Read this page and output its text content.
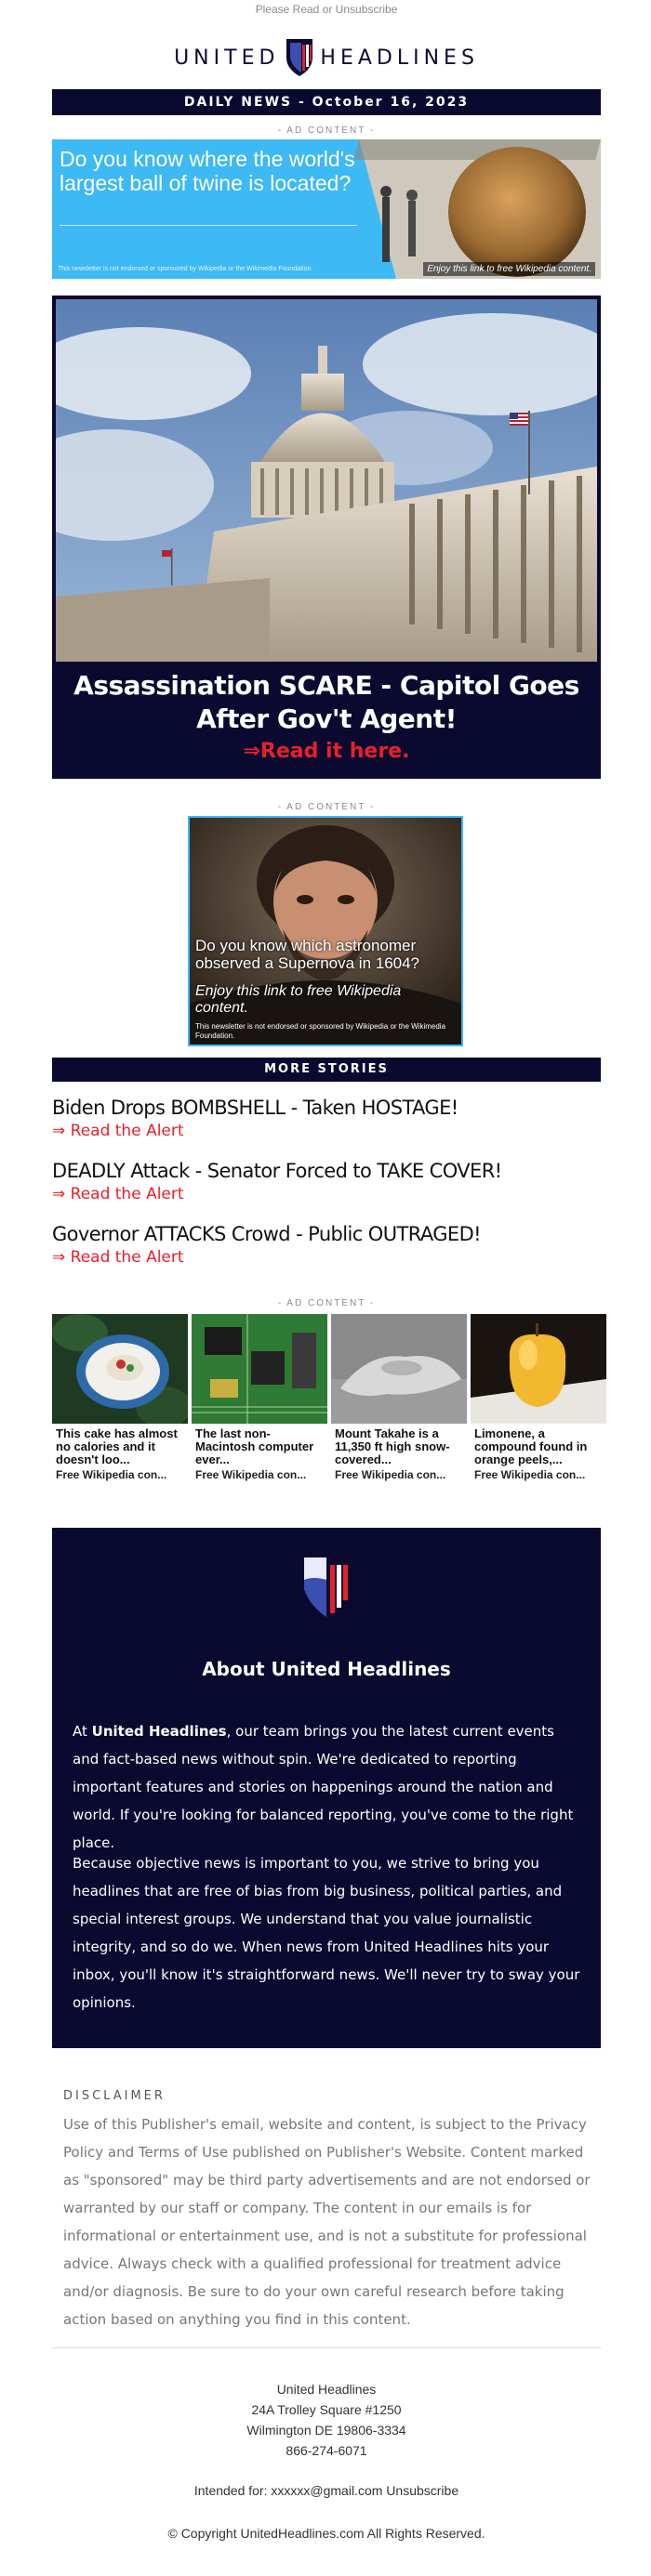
Please Read or Unsubscribe
UNITED HEADLINES
DAILY NEWS - October 16, 2023
- AD CONTENT -
Do you know where the world's largest ball of twine is located?
This newsletter is not endorsed or sponsored by Wikipedia or the Wikimedia Foundation.	Enjoy this link to free Wikipedia content.
Assassination SCARE - Capitol Goes After Gov't Agent!
⇒Read it here.
- AD CONTENT -
Do you know which astronomer observed a Supernova in 1604?
Enjoy this link to free Wikipedia content.
This newsletter is not endorsed or sponsored by Wikipedia or the Wikimedia Foundation.
MORE STORIES
Biden Drops BOMBSHELL - Taken HOSTAGE!
⇒ Read the Alert
DEADLY Attack - Senator Forced to TAKE COVER!
⇒ Read the Alert
Governor ATTACKS Crowd - Public OUTRAGED!
⇒ Read the Alert
- AD CONTENT -
This cake has almost no calories and it doesn't loo...
Free Wikipedia con...
The last non-Macintosh computer ever...
Free Wikipedia con...
Mount Takahe is a 11,350 ft high snow-covered...
Free Wikipedia con...
Limonene, a compound found in orange peels,...
Free Wikipedia con...
About United Headlines
At United Headlines, our team brings you the latest current events and fact-based news without spin. We're dedicated to reporting important features and stories on happenings around the nation and world. If you're looking for balanced reporting, you've come to the right place.
Because objective news is important to you, we strive to bring you headlines that are free of bias from big business, political parties, and special interest groups. We understand that you value journalistic integrity, and so do we. When news from United Headlines hits your inbox, you'll know it's straightforward news. We'll never try to sway your opinions.
DISCLAIMER
Use of this Publisher's email, website and content, is subject to the Privacy Policy and Terms of Use published on Publisher's Website. Content marked as "sponsored" may be third party advertisements and are not endorsed or warranted by our staff or company. The content in our emails is for informational or entertainment use, and is not a substitute for professional advice. Always check with a qualified professional for treatment advice and/or diagnosis. Be sure to do your own careful research before taking action based on anything you find in this content.
United Headlines
24A Trolley Square #1250
Wilmington DE 19806-3334
866-274-6071
Intended for: xxxxxx@gmail.com Unsubscribe
© Copyright UnitedHeadlines.com All Rights Reserved.
